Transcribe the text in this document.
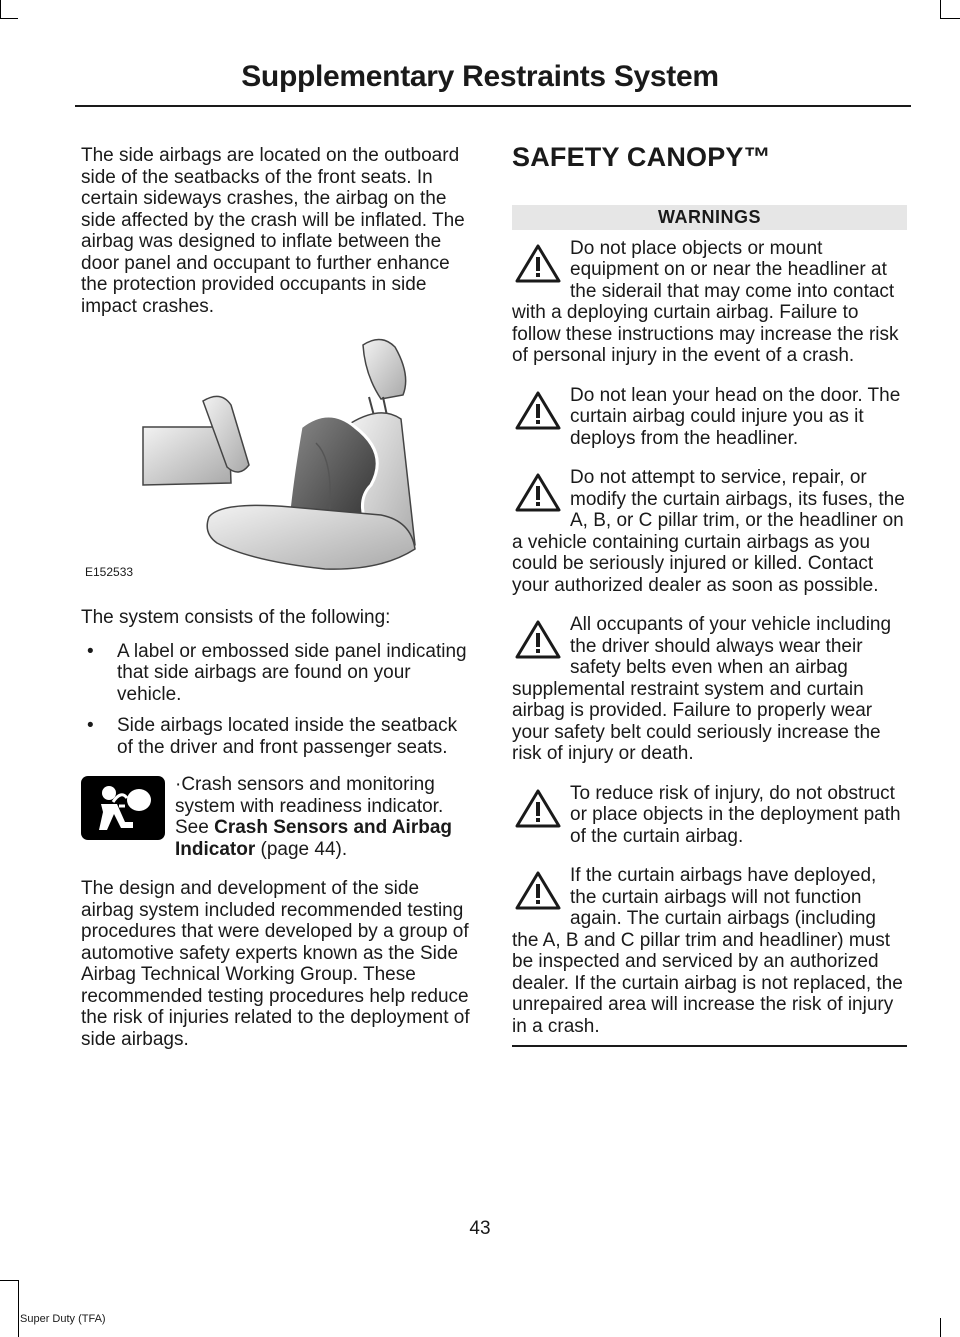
Supplementary Restraints System

The side airbags are located on the outboard side of the seatbacks of the front seats. In certain sideways crashes, the airbag on the side affected by the crash will be inflated. The airbag was designed to inflate between the door panel and occupant to further enhance the protection provided occupants in side impact crashes.

E152533

The system consists of the following:

• A label or embossed side panel indicating that side airbags are found on your vehicle.
• Side airbags located inside the seatback of the driver and front passenger seats.
·Crash sensors and monitoring system with readiness indicator. See Crash Sensors and Airbag Indicator (page 44).

The design and development of the side airbag system included recommended testing procedures that were developed by a group of automotive safety experts known as the Side Airbag Technical Working Group. These recommended testing procedures help reduce the risk of injuries related to the deployment of side airbags.

SAFETY CANOPY™
WARNINGS
Do not place objects or mount equipment on or near the headliner at the siderail that may come into contact with a deploying curtain airbag. Failure to follow these instructions may increase the risk of personal injury in the event of a crash.
Do not lean your head on the door. The curtain airbag could injure you as it deploys from the headliner.
Do not attempt to service, repair, or modify the curtain airbags, its fuses, the A, B, or C pillar trim, or the headliner on a vehicle containing curtain airbags as you could be seriously injured or killed. Contact your authorized dealer as soon as possible.
All occupants of your vehicle including the driver should always wear their safety belts even when an airbag supplemental restraint system and curtain airbag is provided. Failure to properly wear your safety belt could seriously increase the risk of injury or death.
To reduce risk of injury, do not obstruct or place objects in the deployment path of the curtain airbag.
If the curtain airbags have deployed, the curtain airbags will not function again. The curtain airbags (including the A, B and C pillar trim and headliner) must be inspected and serviced by an authorized dealer. If the curtain airbag is not replaced, the unrepaired area will increase the risk of injury in a crash.
43
Super Duty (TFA)
